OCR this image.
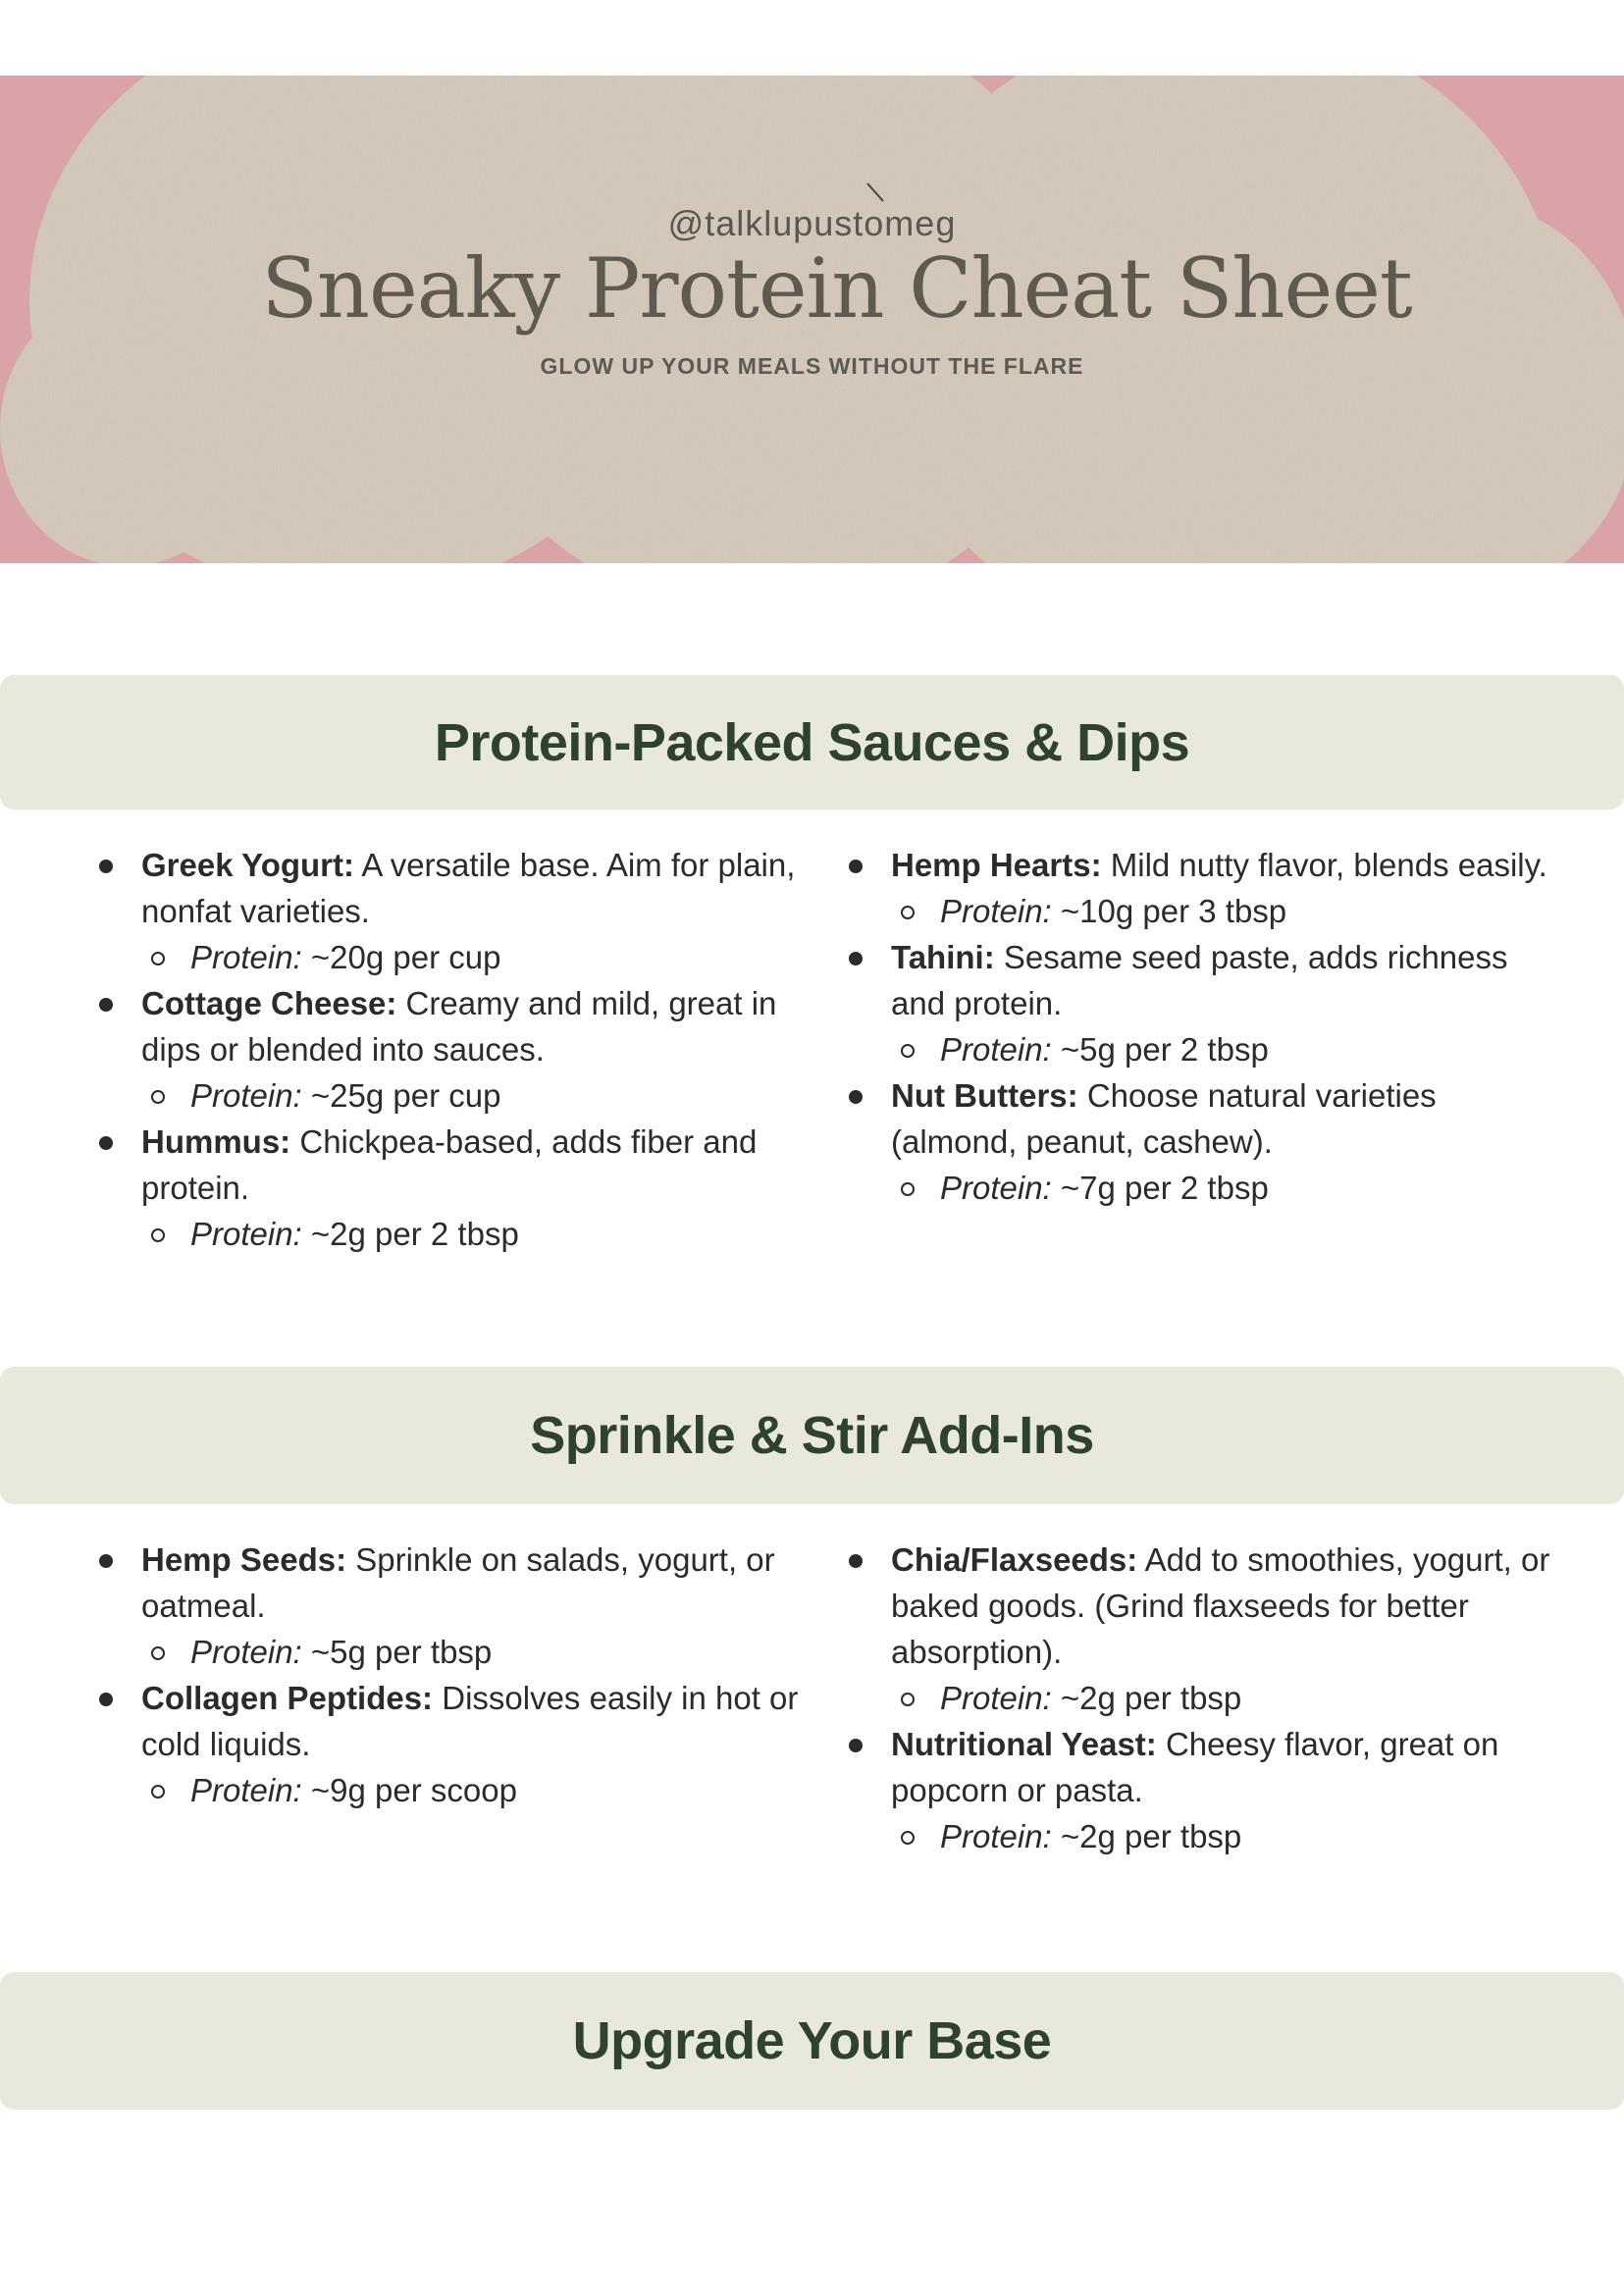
@talklupustomeg
Sneaky Protein Cheat Sheet
GLOW UP YOUR MEALS WITHOUT THE FLARE
Protein-Packed Sauces & Dips
Greek Yogurt: A versatile base. Aim for plain, nonfat varieties.
Protein: ~20g per cup
Cottage Cheese: Creamy and mild, great in dips or blended into sauces.
Protein: ~25g per cup
Hummus: Chickpea-based, adds fiber and protein.
Protein: ~2g per 2 tbsp
Hemp Hearts: Mild nutty flavor, blends easily.
Protein: ~10g per 3 tbsp
Tahini: Sesame seed paste, adds richness and protein.
Protein: ~5g per 2 tbsp
Nut Butters: Choose natural varieties (almond, peanut, cashew).
Protein: ~7g per 2 tbsp
Sprinkle & Stir Add-Ins
Hemp Seeds: Sprinkle on salads, yogurt, or oatmeal.
Protein: ~5g per tbsp
Collagen Peptides: Dissolves easily in hot or cold liquids.
Protein: ~9g per scoop
Chia/Flaxseeds: Add to smoothies, yogurt, or baked goods. (Grind flaxseeds for better absorption).
Protein: ~2g per tbsp
Nutritional Yeast: Cheesy flavor, great on popcorn or pasta.
Protein: ~2g per tbsp
Upgrade Your Base
